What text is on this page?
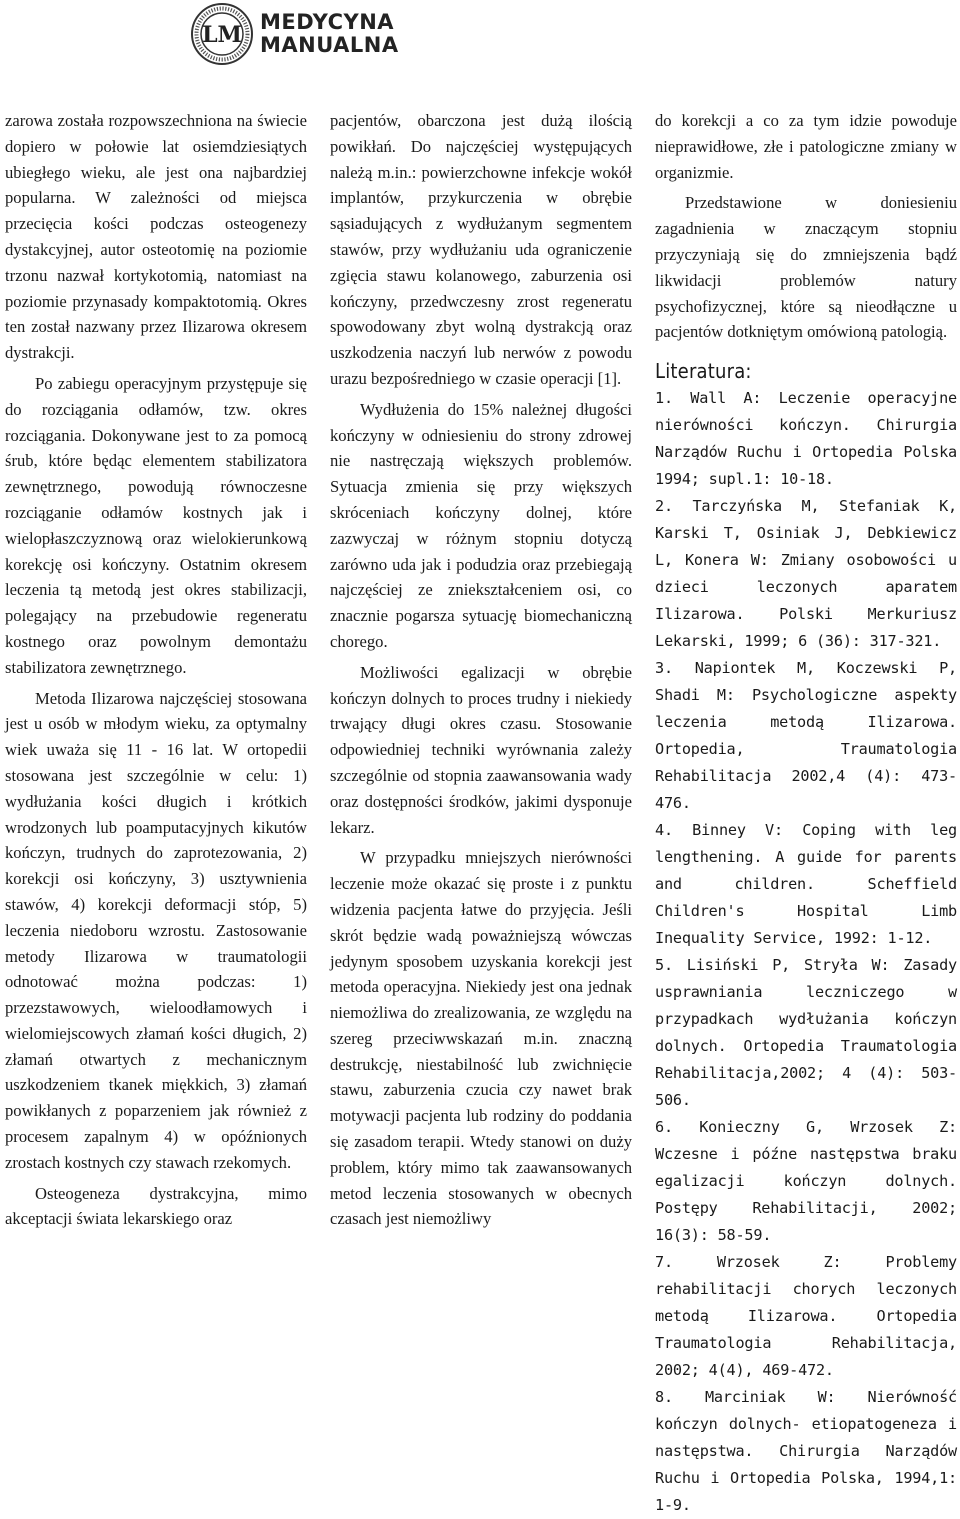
LM MEDYCYNA
MANUALNA

zarowa została rozpowszechniona na świecie dopiero w połowie lat osiemdziesiątych ubiegłego wieku, ale jest ona najbardziej popularna. W zależności od miejsca przecięcia kości podczas osteogenezy dystakcyjnej, autor osteotomię na poziomie trzonu nazwał kortykotomią, natomiast na poziomie przynasady kompaktotomią. Okres ten został nazwany przez Ilizarowa okresem dystrakcji.

Po zabiegu operacyjnym przystępuje się do rozciągania odłamów, tzw. okres rozciągania. Dokonywane jest to za pomocą śrub, które będąc elementem stabilizatora zewnętrznego, powodują równoczesne rozciąganie odłamów kostnych jak i wielopłaszczyznową oraz wielokierunkową korekcję osi kończyny. Ostatnim okresem leczenia tą metodą jest okres stabilizacji, polegający na przebudowie regeneratu kostnego oraz powolnym demontażu stabilizatora zewnętrznego.

Metoda Ilizarowa najczęściej stosowana jest u osób w młodym wieku, za optymalny wiek uważa się 11 - 16 lat. W ortopedii stosowana jest szczególnie w celu: 1) wydłużania kości długich i krótkich wrodzonych lub poamputacyjnych kikutów kończyn, trudnych do zaprotezowania, 2) korekcji osi kończyny, 3) usztywnienia stawów, 4) korekcji deformacji stóp, 5) leczenia niedoboru wzrostu. Zastosowanie metody Ilizarowa w traumatologii odnotować można podczas: 1) przezstawowych, wieloodłamowych i wielomiejscowych złamań kości długich, 2) złamań otwartych z mechanicznym uszkodzeniem tkanek miękkich, 3) złamań powikłanych z poparzeniem jak również z procesem zapalnym 4) w opóźnionych zrostach kostnych czy stawach rzekomych.

Osteogeneza dystrakcyjna, mimo akceptacji świata lekarskiego oraz

pacjentów, obarczona jest dużą ilością powikłań. Do najczęściej występujących należą m.in.: powierzchowne infekcje wokół implantów, przykurczenia w obrębie sąsiadujących z wydłużanym segmentem stawów, przy wydłużaniu uda ograniczenie zgięcia stawu kolanowego, zaburzenia osi kończyny, przedwczesny zrost regeneratu spowodowany zbyt wolną dystrakcją oraz uszkodzenia naczyń lub nerwów z powodu urazu bezpośredniego w czasie operacji [1].

Wydłużenia do 15% należnej długości kończyny w odniesieniu do strony zdrowej nie nastręczają większych problemów. Sytuacja zmienia się przy większych skróceniach kończyny dolnej, które zazwyczaj w różnym stopniu dotyczą zarówno uda jak i podudzia oraz przebiegają najczęściej ze zniekształceniem osi, co znacznie pogarsza sytuację biomechaniczną chorego.

Możliwości egalizacji w obrębie kończyn dolnych to proces trudny i niekiedy trwający długi okres czasu. Stosowanie odpowiedniej techniki wyrównania zależy szczególnie od stopnia zaawansowania wady oraz dostępności środków, jakimi dysponuje lekarz.

W przypadku mniejszych nierówności leczenie może okazać się proste i z punktu widzenia pacjenta łatwe do przyjęcia. Jeśli skrót będzie wadą poważniejszą wówczas jedynym sposobem uzyskania korekcji jest metoda operacyjna. Niekiedy jest ona jednak niemożliwa do zrealizowania, ze względu na szereg przeciwwskazań m.in. znaczną destrukcję, niestabilność lub zwichnięcie stawu, zaburzenia czucia czy nawet brak motywacji pacjenta lub rodziny do poddania się zasadom terapii. Wtedy stanowi on duży problem, który mimo tak zaawansowanych metod leczenia stosowanych w obecnych czasach jest niemożliwy

do korekcji a co za tym idzie powoduje nieprawidłowe, złe i patologiczne zmiany w organizmie.

Przedstawione w doniesieniu zagadnienia w znaczącym stopniu przyczyniają się do zmniejszenia bądź likwidacji problemów natury psychofizycznej, które są nieodłączne u pacjentów dotkniętym omówioną patologią.

Literatura:
1. Wall A: Leczenie operacyjne nierówności kończyn. Chirurgia Narządów Ruchu i Ortopedia Polska 1994; supl.1: 10-18.
2. Tarczyńska M, Stefaniak K, Karski T, Osiniak J, Debkiewicz L, Konera W: Zmiany osobowości u dzieci leczonych aparatem Ilizarowa. Polski Merkuriusz Lekarski, 1999; 6 (36): 317-321.
3. Napiontek M, Koczewski P, Shadi M: Psychologiczne aspekty leczenia metodą Ilizarowa. Ortopedia, Traumatologia Rehabilitacja 2002,4 (4): 473-476.
4. Binney V: Coping with leg lengthening. A guide for parents and children. Scheffield Children's Hospital Limb Inequality Service, 1992: 1-12.
5. Lisiński P, Stryła W: Zasady usprawniania leczniczego w przypadkach wydłużania kończyn dolnych. Ortopedia Traumatologia Rehabilitacja,2002; 4 (4): 503-506.
6. Konieczny G, Wrzosek Z: Wczesne i późne następstwa braku egalizacji kończyn dolnych. Postępy Rehabilitacji, 2002; 16(3): 58-59.
7. Wrzosek Z: Problemy rehabilitacji chorych leczonych metodą Ilizarowa. Ortopedia Traumatologia Rehabilitacja, 2002; 4(4), 469-472.
8. Marciniak W: Nierówność kończyn dolnych- etiopatogeneza i następstwa. Chirurgia Narządów Ruchu i Ortopedia Polska, 1994,1: 1-9.
